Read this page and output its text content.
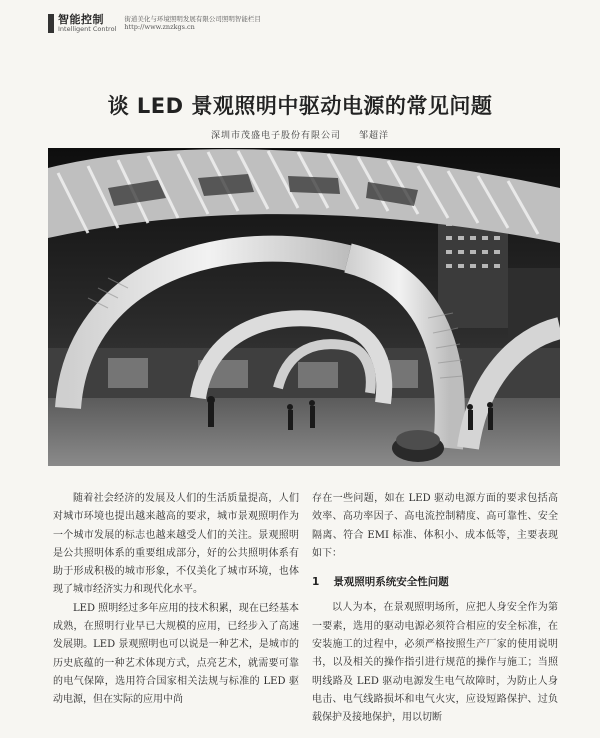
智能控制
Intelligent Control
街道美化与环境照明发展有限公司照明智能栏目
http://www.znzkgs.cn
谈 LED 景观照明中驱动电源的常见问题
深圳市茂盛电子股份有限公司 邹超洋

随着社会经济的发展及人们的生活质量提高，人们对城市环境也提出越来越高的要求，城市景观照明作为一个城市发展的标志也越来越受人们的关注。景观照明是公共照明体系的重要组成部分，好的公共照明体系有助于形成积极的城市形象，不仅美化了城市环境，也体现了城市经济实力和现代化水平。

LED 照明经过多年应用的技术积累，现在已经基本成熟，在照明行业早已大规模的应用，已经步入了高速发展期。LED 景观照明也可以说是一种艺术，是城市的历史底蕴的一种艺术体现方式，点亮艺术，就需要可靠的电气保障，选用符合国家相关法规与标准的 LED 驱动电源，但在实际的应用中尚

存在一些问题，如在 LED 驱动电源方面的要求包括高效率、高功率因子、高电流控制精度、高可靠性、安全隔离、符合 EMI 标准、体积小、成本低等，主要表现如下：

1 景观照明系统安全性问题

以人为本，在景观照明场所，应把人身安全作为第一要素，选用的驱动电源必须符合相应的安全标准，在安装施工的过程中，必须严格按照生产厂家的使用说明书，以及相关的操作指引进行规范的操作与施工；当照明线路及 LED 驱动电源发生电气故障时，为防止人身电击、电气线路损坏和电气火灾，应设短路保护、过负载保护及接地保护，用以切断
